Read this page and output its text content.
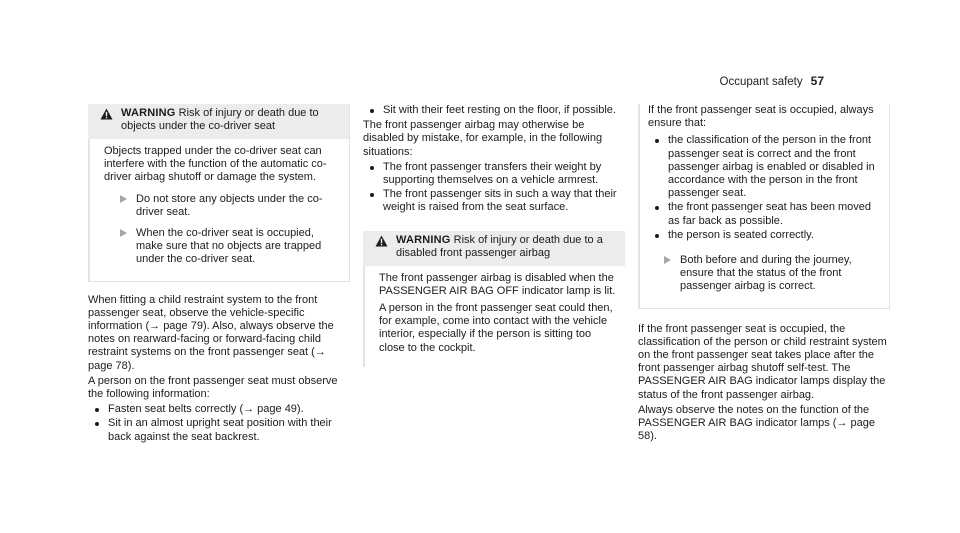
Occupant safety 57
WARNING Risk of injury or death due to objects under the co-driver seat

Objects trapped under the co-driver seat can interfere with the function of the automatic co-driver airbag shutoff or damage the system.

Do not store any objects under the co-driver seat.
When the co-driver seat is occupied, make sure that no objects are trapped under the co-driver seat.

When fitting a child restraint system to the front passenger seat, observe the vehicle-specific information (→ page 79). Also, always observe the notes on rearward-facing or forward-facing child restraint systems on the front passenger seat (→ page 78).

A person on the front passenger seat must observe the following information:

Fasten seat belts correctly (→ page 49).
Sit in an almost upright seat position with their back against the seat backrest.
Sit with their feet resting on the floor, if possible.

The front passenger airbag may otherwise be disabled by mistake, for example, in the following situations:

The front passenger transfers their weight by supporting themselves on a vehicle armrest.
The front passenger sits in such a way that their weight is raised from the seat surface.
WARNING Risk of injury or death due to a disabled front passenger airbag

The front passenger airbag is disabled when the PASSENGER AIR BAG OFF indicator lamp is lit.

A person in the front passenger seat could then, for example, come into contact with the vehicle interior, especially if the person is sitting too close to the cockpit.

If the front passenger seat is occupied, always ensure that:

the classification of the person in the front passenger seat is correct and the front passenger airbag is enabled or disabled in accordance with the person in the front passenger seat.
the front passenger seat has been moved as far back as possible.
the person is seated correctly.
Both before and during the journey, ensure that the status of the front passenger airbag is correct.

If the front passenger seat is occupied, the classification of the person or child restraint system on the front passenger seat takes place after the front passenger airbag shutoff self-test. The PASSENGER AIR BAG indicator lamps display the status of the front passenger airbag.

Always observe the notes on the function of the PASSENGER AIR BAG indicator lamps (→ page 58).
